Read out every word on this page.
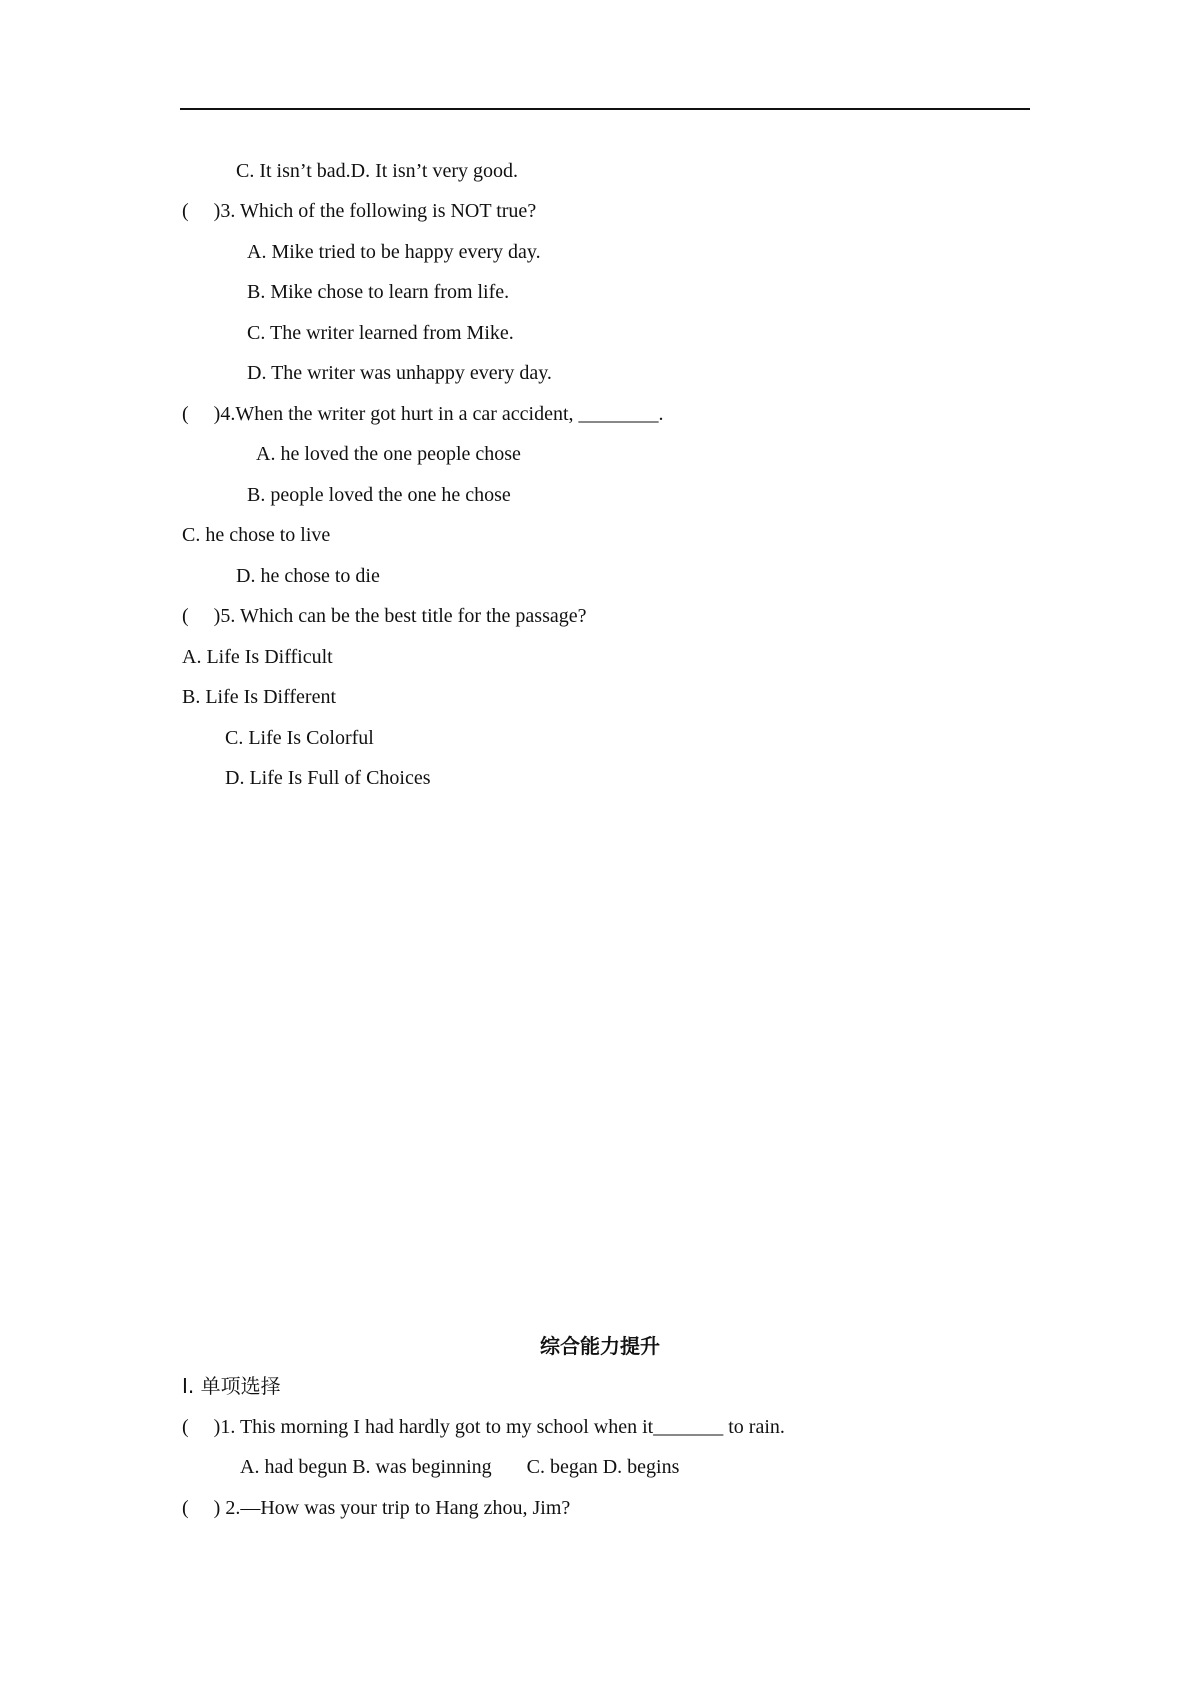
C. It isn’t bad.D. It isn’t very good.
(     )3. Which of the following is NOT true?
A. Mike tried to be happy every day.
B. Mike chose to learn from life.
C. The writer learned from Mike.
D. The writer was unhappy every day.
(     )4.When the writer got hurt in a car accident, ________.
A. he loved the one people chose
B. people loved the one he chose
C. he chose to live
D. he chose to die
(     )5. Which can be the best title for the passage?
A. Life Is Difficult
B. Life Is Different
C. Life Is Colorful
D. Life Is Full of Choices
综合能力提升
Ⅰ. 单项选择
(     )1. This morning I had hardly got to my school when it_______ to rain.
A. had begun B. was beginning       C. began D. begins
(     ) 2.—How was your trip to Hang zhou, Jim?
